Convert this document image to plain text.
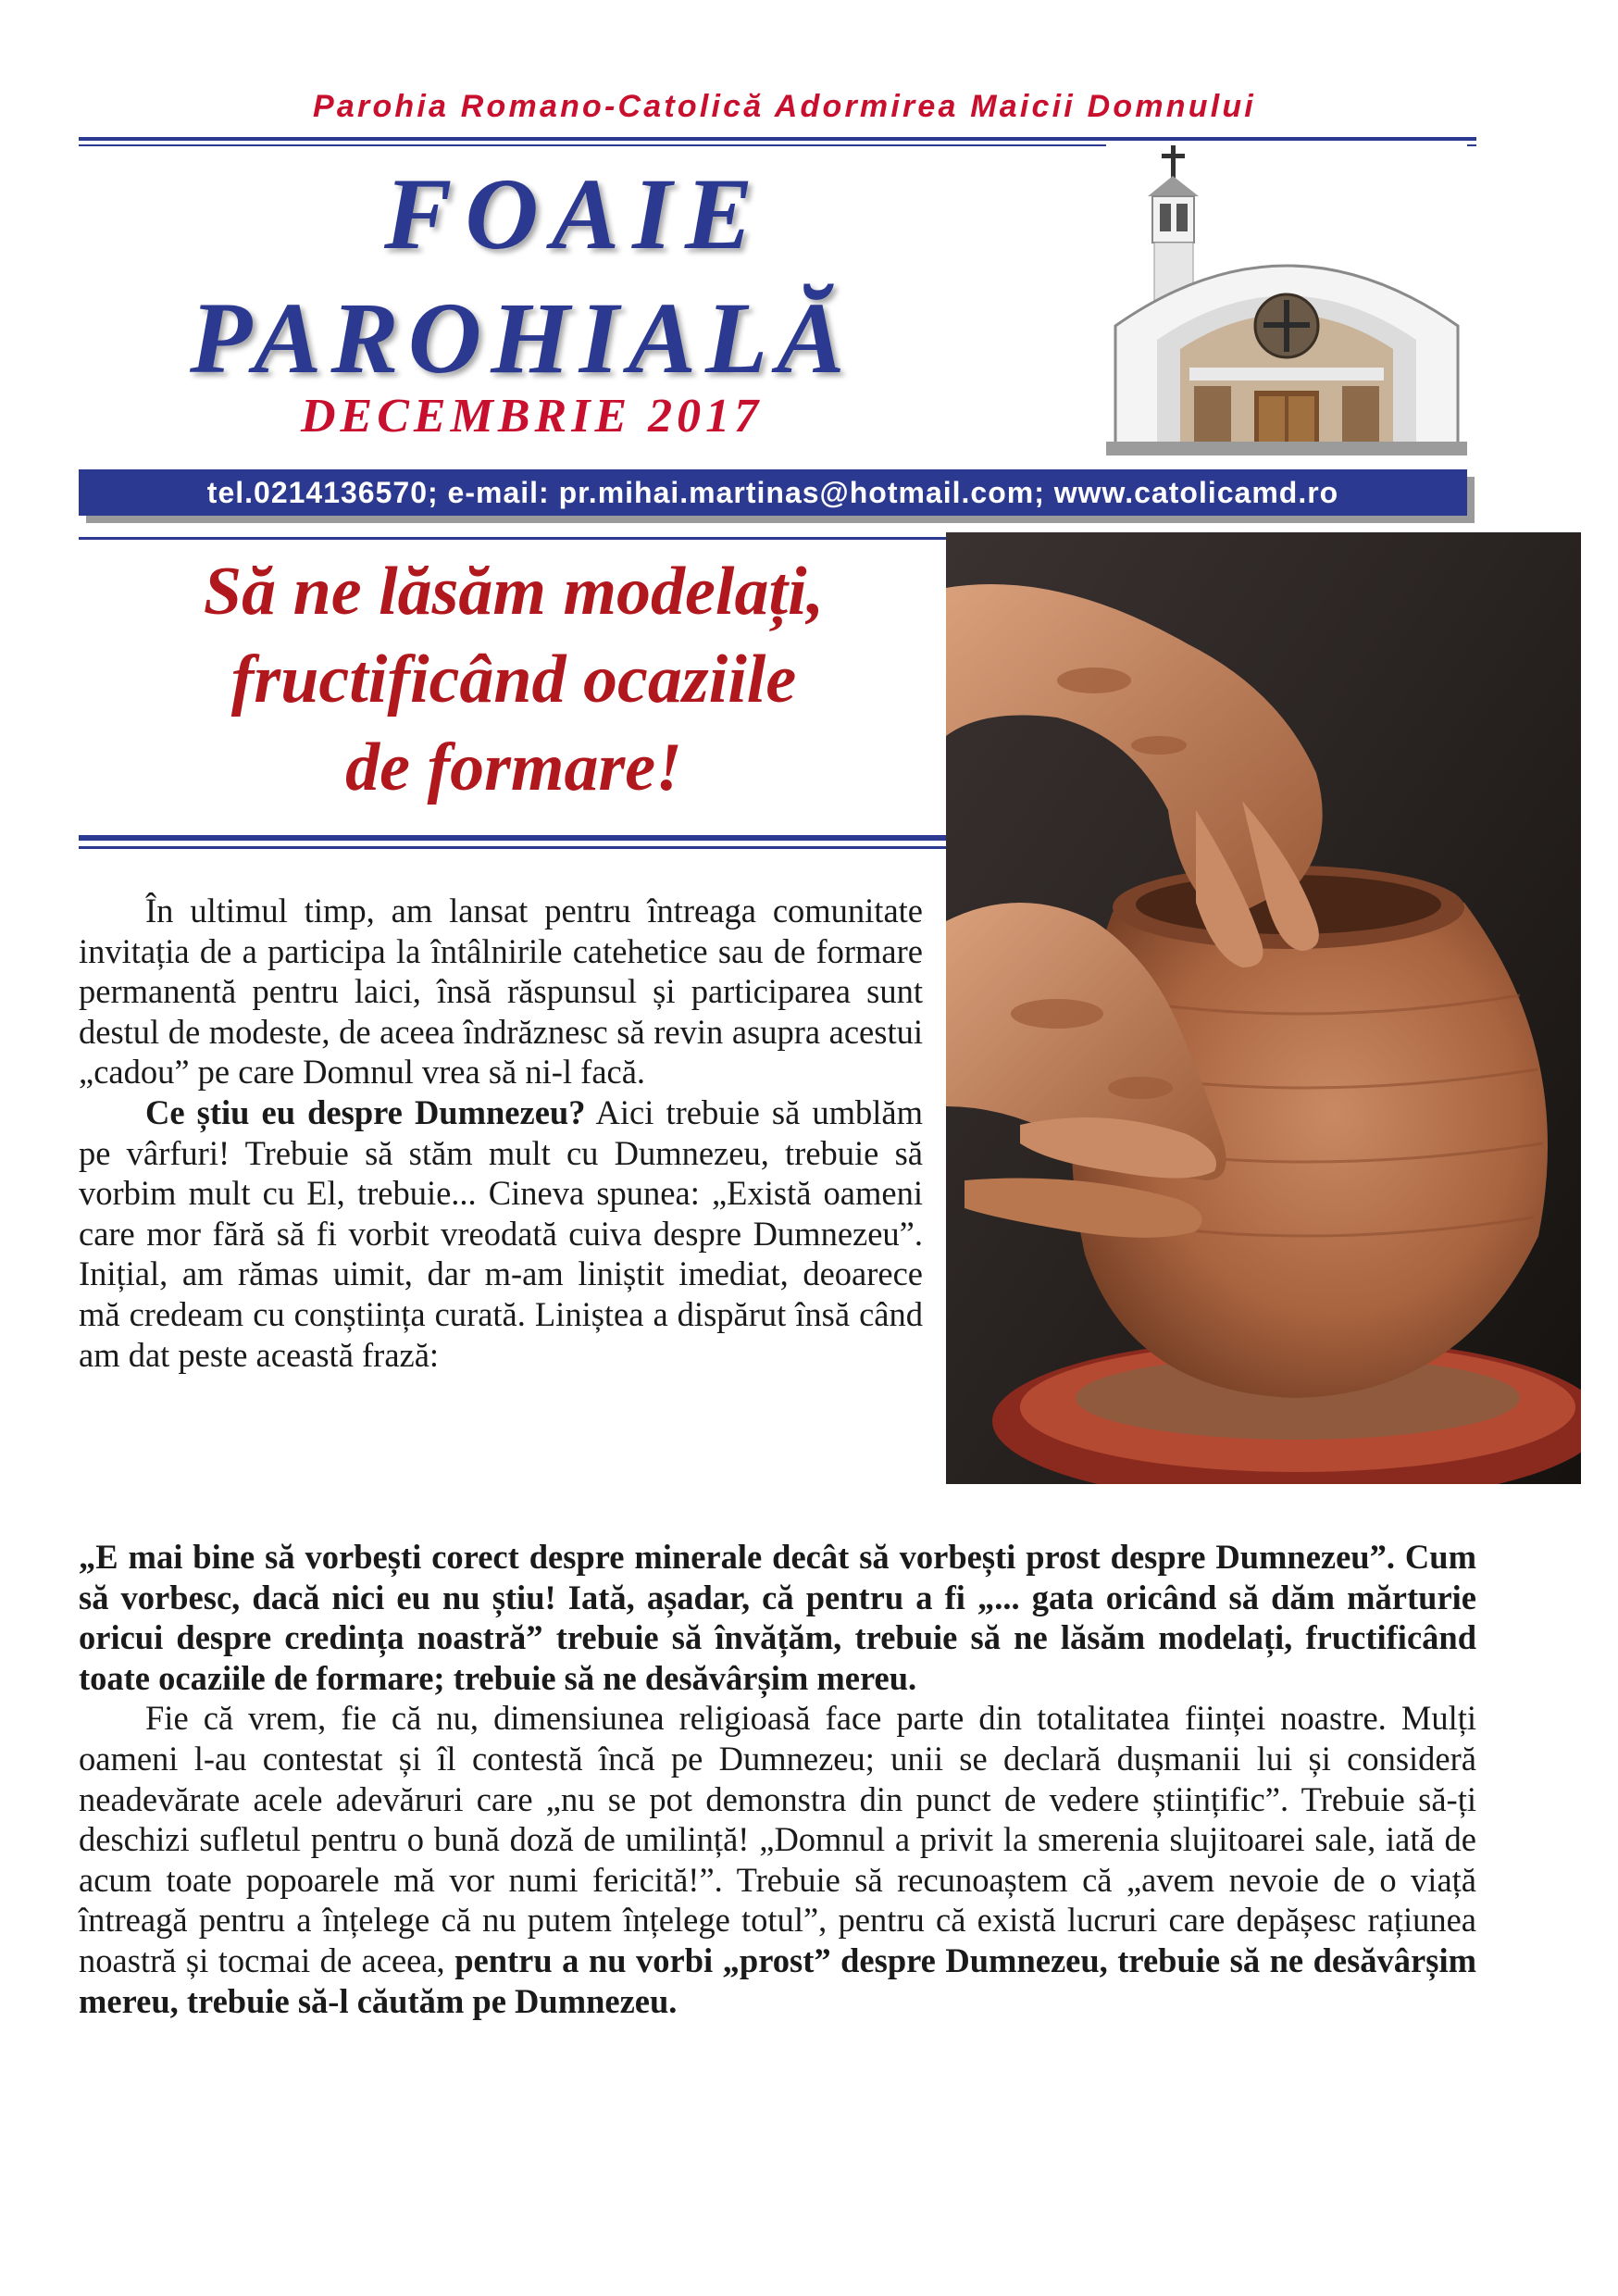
Parohia Romano-Catolică Adormirea Maicii Domnului
FOAIE
PAROHIALĂ
DECEMBRIE 2017
tel.0214136570; e-mail: pr.mihai.martinas@hotmail.com; www.catolicamd.ro
Să ne lăsăm modelați,
fructificând ocaziile
de formare!

În ultimul timp, am lansat pentru întreaga comunitate invitația de a participa la întâlnirile catehetice sau de formare permanentă pentru laici, însă răspunsul și participarea sunt destul de modeste, de aceea îndrăznesc să revin asupra acestui „cadou” pe care Domnul vrea să ni-l facă.

Ce știu eu despre Dumnezeu? Aici trebuie să umblăm pe vârfuri! Trebuie să stăm mult cu Dumnezeu, trebuie să vorbim mult cu El, trebuie... Cineva spunea: „Există oameni care mor fără să fi vorbit vreodată cuiva despre Dumnezeu”. Inițial, am rămas uimit, dar m-am liniștit imediat, deoarece mă credeam cu conștiința curată. Liniștea a dispărut însă când am dat peste această frază:

„E mai bine să vorbești corect despre minerale decât să vorbești prost despre Dumnezeu”. Cum să vorbesc, dacă nici eu nu știu! Iată, așadar, că pentru a fi „... gata oricând să dăm mărturie oricui despre credința noastră” trebuie să învățăm, trebuie să ne lăsăm modelați, fructificând toate ocaziile de formare; trebuie să ne desăvârșim mereu.

Fie că vrem, fie că nu, dimensiunea religioasă face parte din totalitatea ființei noastre. Mulți oameni l-au contestat și îl contestă încă pe Dumnezeu; unii se declară dușmanii lui și consideră neadevărate acele adevăruri care „nu se pot demonstra din punct de vedere științific”. Trebuie să-ți deschizi sufletul pentru o bună doză de umilință! „Domnul a privit la smerenia slujitoarei sale, iată de acum toate popoarele mă vor numi fericită!”. Trebuie să recunoaștem că „avem nevoie de o viață întreagă pentru a înțelege că nu putem înțelege totul”, pentru că există lucruri care depășesc rațiunea noastră și tocmai de aceea, pentru a nu vorbi „prost” despre Dumnezeu, trebuie să ne desăvârșim mereu, trebuie să-l căutăm pe Dumnezeu.
